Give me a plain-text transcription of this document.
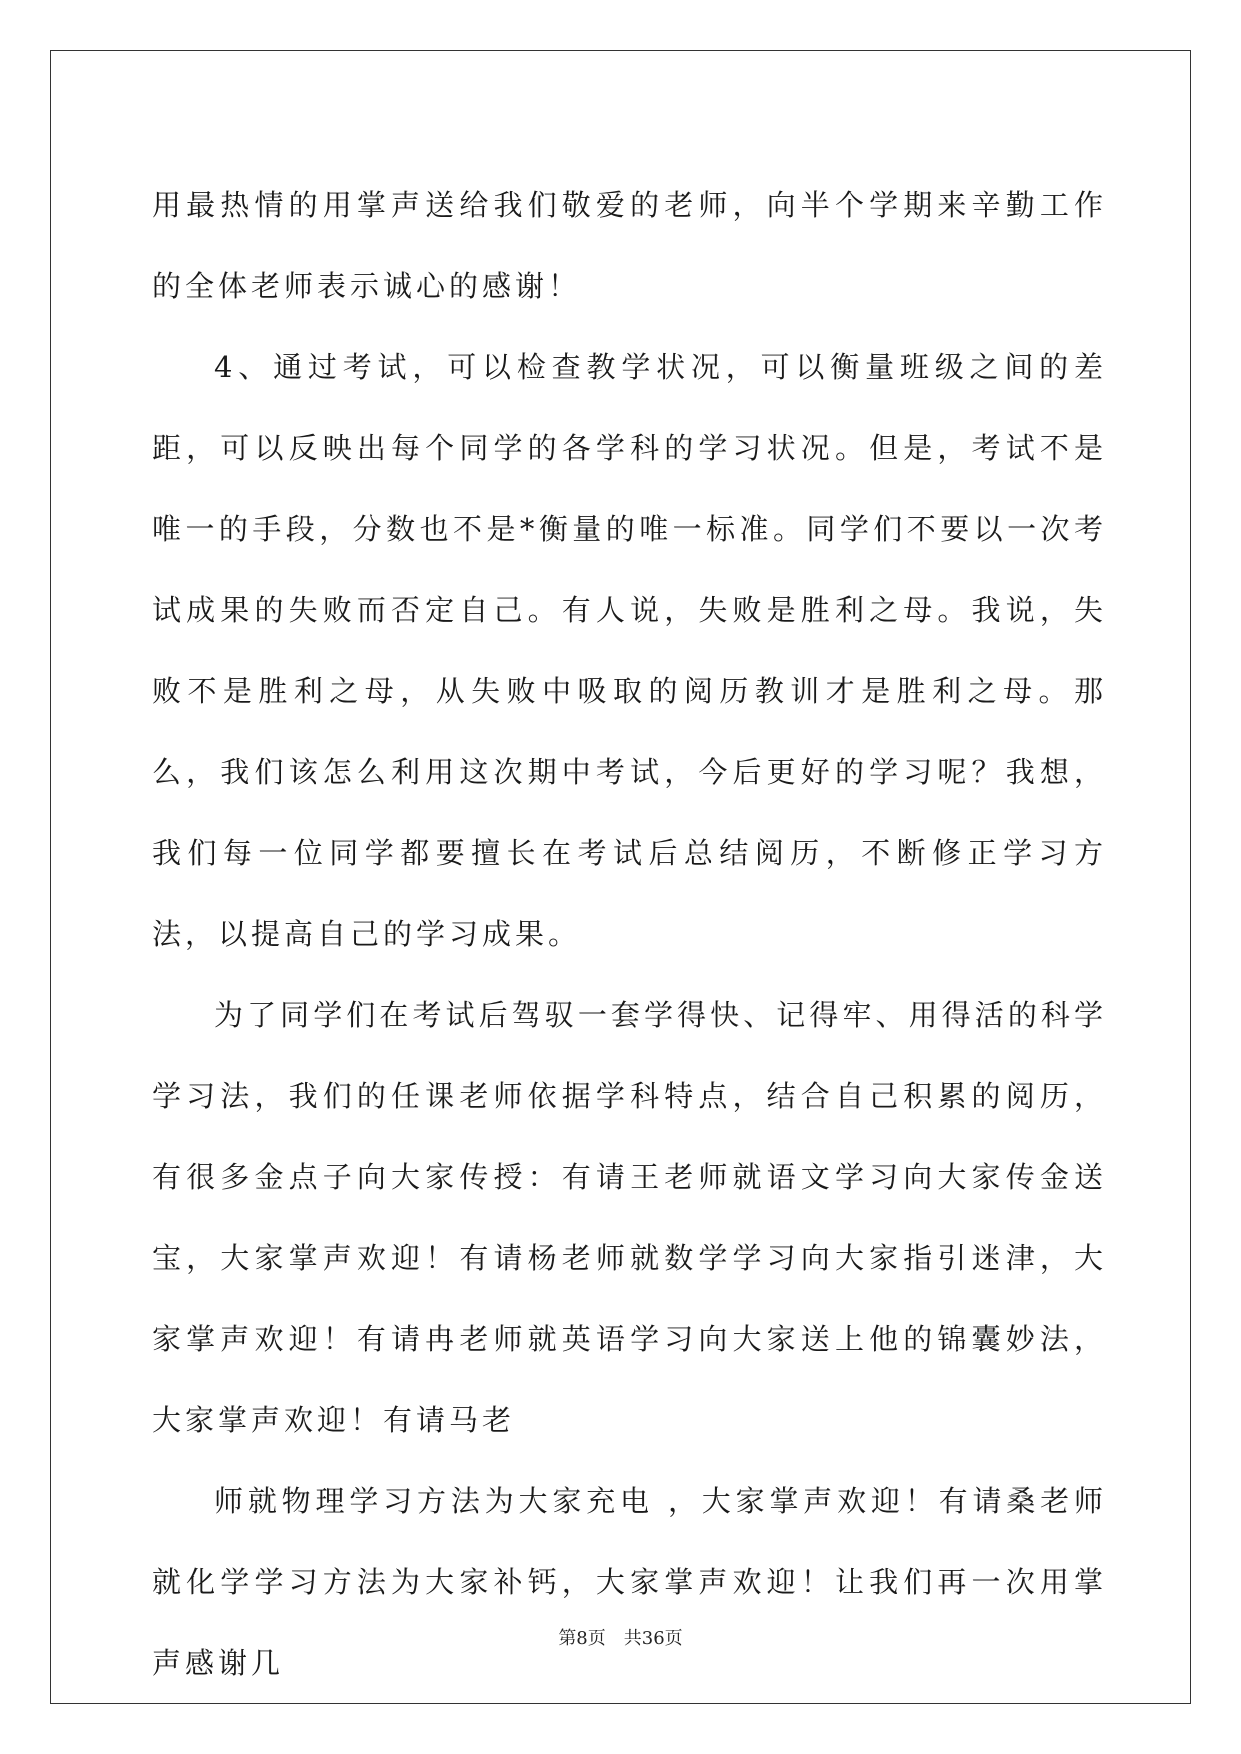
用最热情的用掌声送给我们敬爱的老师，向半个学期来辛勤工作的全体老师表示诚心的感谢！

4、通过考试，可以检查教学状况，可以衡量班级之间的差距，可以反映出每个同学的各学科的学习状况。但是，考试不是唯一的手段，分数也不是*衡量的唯一标准。同学们不要以一次考试成果的失败而否定自己。有人说，失败是胜利之母。我说，失败不是胜利之母，从失败中吸取的阅历教训才是胜利之母。那么，我们该怎么利用这次期中考试，今后更好的学习呢？我想，我们每一位同学都要擅长在考试后总结阅历，不断修正学习方法，以提高自己的学习成果。

为了同学们在考试后驾驭一套学得快、记得牢、用得活的科学学习法，我们的任课老师依据学科特点，结合自己积累的阅历，有很多金点子向大家传授：有请王老师就语文学习向大家传金送宝，大家掌声欢迎！有请杨老师就数学学习向大家指引迷津，大家掌声欢迎！有请冉老师就英语学习向大家送上他的锦囊妙法，大家掌声欢迎！有请马老

师就物理学习方法为大家充电 ，大家掌声欢迎！有请桑老师就化学学习方法为大家补钙，大家掌声欢迎！让我们再一次用掌声感谢几

第8页 共36页
